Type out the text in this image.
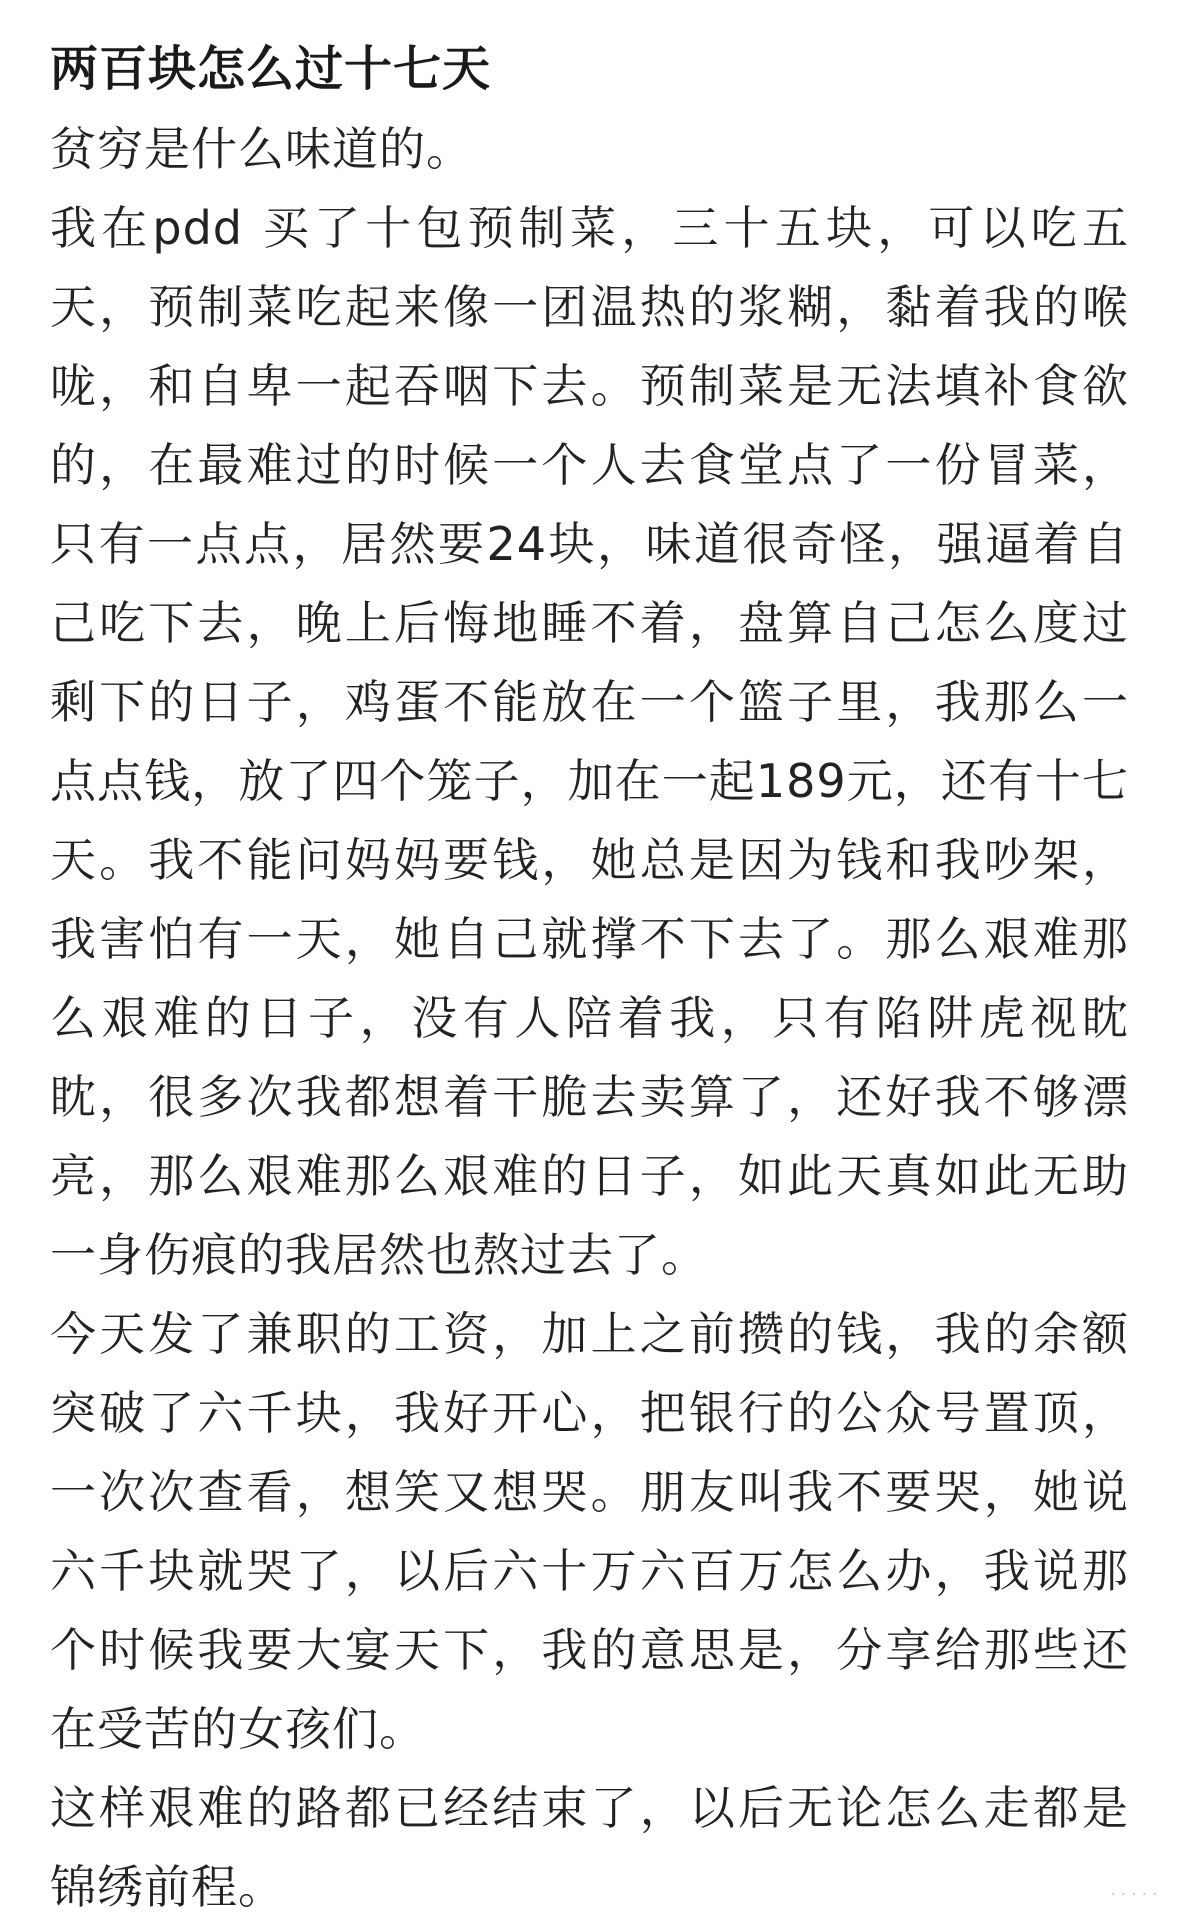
两百块怎么过十七天

贫穷是什么味道的。

我在pdd 买了十包预制菜，三十五块，可以吃五天，预制菜吃起来像一团温热的浆糊，黏着我的喉咙，和自卑一起吞咽下去。预制菜是无法填补食欲的，在最难过的时候一个人去食堂点了一份冒菜，只有一点点，居然要24块，味道很奇怪，强逼着自己吃下去，晚上后悔地睡不着，盘算自己怎么度过剩下的日子，鸡蛋不能放在一个篮子里，我那么一点点钱，放了四个笼子，加在一起189元，还有十七天。我不能问妈妈要钱，她总是因为钱和我吵架，我害怕有一天，她自己就撑不下去了。那么艰难那么艰难的日子，没有人陪着我，只有陷阱虎视眈眈，很多次我都想着干脆去卖算了，还好我不够漂亮，那么艰难那么艰难的日子，如此天真如此无助一身伤痕的我居然也熬过去了。

今天发了兼职的工资，加上之前攒的钱，我的余额突破了六千块，我好开心，把银行的公众号置顶，一次次查看，想笑又想哭。朋友叫我不要哭，她说六千块就哭了，以后六十万六百万怎么办，我说那个时候我要大宴天下，我的意思是，分享给那些还在受苦的女孩们。

这样艰难的路都已经结束了，以后无论怎么走都是锦绣前程。	·····
